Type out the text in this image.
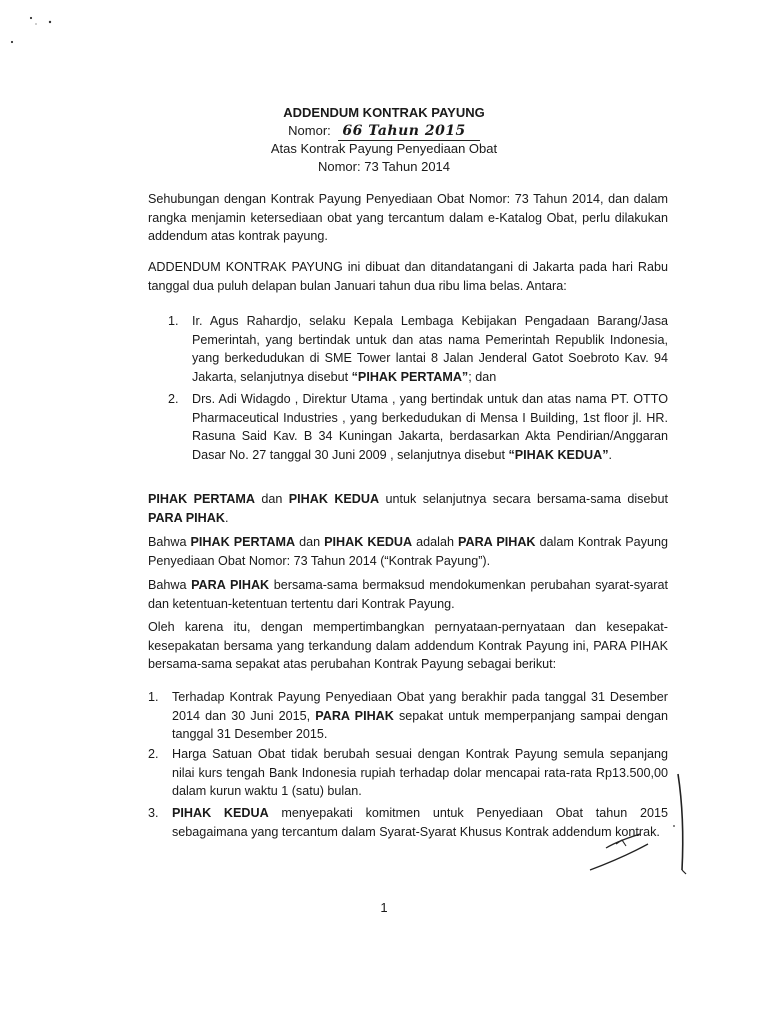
ADDENDUM KONTRAK PAYUNG
Nomor: 66 Tahun 2015
Atas Kontrak Payung Penyediaan Obat
Nomor: 73 Tahun 2014

Sehubungan dengan Kontrak Payung Penyediaan Obat Nomor: 73 Tahun 2014, dan dalam rangka menjamin ketersediaan obat yang tercantum dalam e-Katalog Obat, perlu dilakukan addendum atas kontrak payung.

ADDENDUM KONTRAK PAYUNG ini dibuat dan ditandatangani di Jakarta pada hari Rabu tanggal dua puluh delapan bulan Januari tahun dua ribu lima belas. Antara:

1.	Ir. Agus Rahardjo, selaku Kepala Lembaga Kebijakan Pengadaan Barang/Jasa Pemerintah, yang bertindak untuk dan atas nama Pemerintah Republik Indonesia, yang berkedudukan di SME Tower lantai 8 Jalan Jenderal Gatot Soebroto Kav. 94 Jakarta, selanjutnya disebut “PIHAK PERTAMA”; dan
2.	Drs. Adi Widagdo , Direktur Utama , yang bertindak untuk dan atas nama PT. OTTO Pharmaceutical Industries , yang berkedudukan di Mensa I Building, 1st floor jl. HR. Rasuna Said Kav. B 34 Kuningan Jakarta, berdasarkan Akta Pendirian/Anggaran Dasar No. 27 tanggal 30 Juni 2009 , selanjutnya disebut “PIHAK KEDUA”.

PIHAK PERTAMA dan PIHAK KEDUA untuk selanjutnya secara bersama-sama disebut PARA PIHAK.

Bahwa PIHAK PERTAMA dan PIHAK KEDUA adalah PARA PIHAK dalam Kontrak Payung Penyediaan Obat Nomor: 73 Tahun 2014 (“Kontrak Payung”).

Bahwa PARA PIHAK bersama-sama bermaksud mendokumenkan perubahan syarat-syarat dan ketentuan-ketentuan tertentu dari Kontrak Payung.

Oleh karena itu, dengan mempertimbangkan pernyataan-pernyataan dan kesepakat-kesepakatan bersama yang terkandung dalam addendum Kontrak Payung ini, PARA PIHAK bersama-sama sepakat atas perubahan Kontrak Payung sebagai berikut:

1.	Terhadap Kontrak Payung Penyediaan Obat yang berakhir pada tanggal 31 Desember 2014 dan 30 Juni 2015, PARA PIHAK sepakat untuk memperpanjang sampai dengan tanggal 31 Desember 2015.
2.	Harga Satuan Obat tidak berubah sesuai dengan Kontrak Payung semula sepanjang nilai kurs tengah Bank Indonesia rupiah terhadap dolar mencapai rata-rata Rp13.500,00 dalam kurun waktu 1 (satu) bulan.
3.	PIHAK KEDUA menyepakati komitmen untuk Penyediaan Obat tahun 2015 sebagaimana yang tercantum dalam Syarat-Syarat Khusus Kontrak addendum kontrak.
1
